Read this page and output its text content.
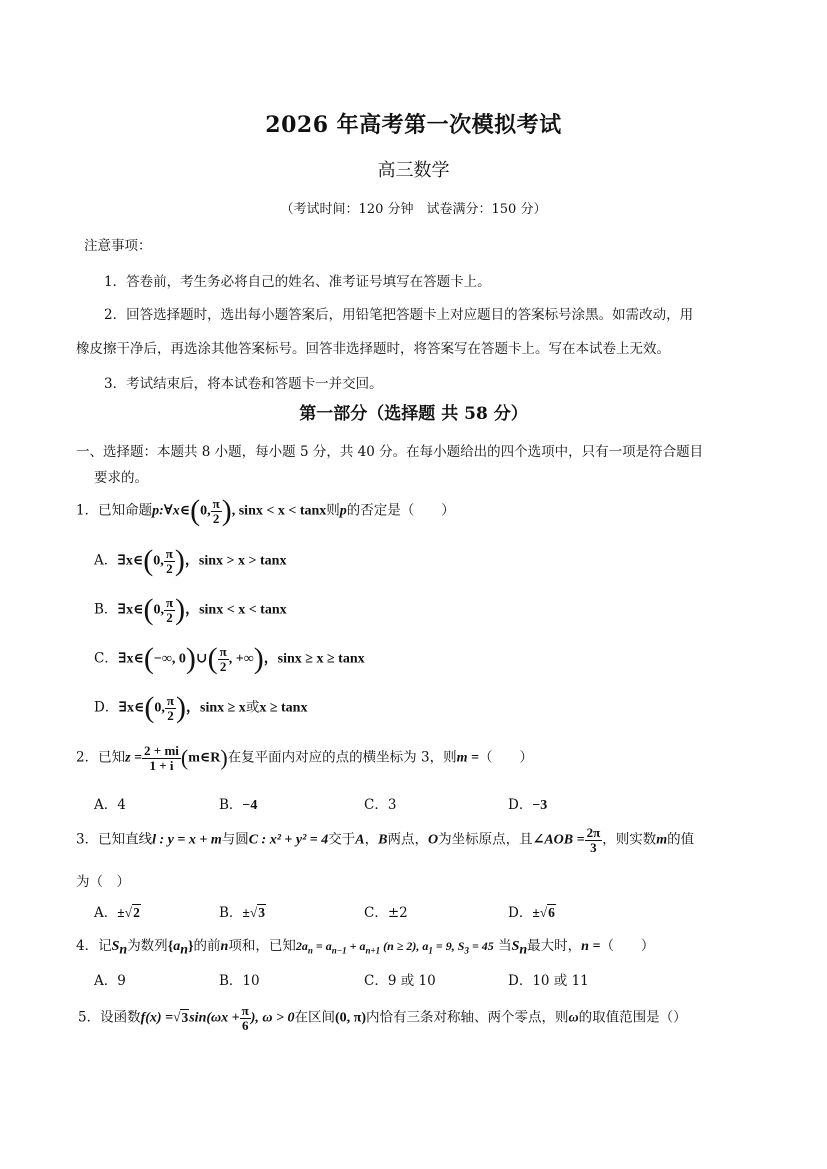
2026 年高考第一次模拟考试
高三数学
（考试时间：120 分钟　试卷满分：150 分）
注意事项：
1．答卷前，考生务必将自己的姓名、准考证号填写在答题卡上。
2．回答选择题时，选出每小题答案后，用铅笔把答题卡上对应题目的答案标号涂黑。如需改动，用
橡皮擦干净后，再选涂其他答案标号。回答非选择题时，将答案写在答题卡上。写在本试卷上无效。
3．考试结束后，将本试卷和答题卡一并交回。
第一部分（选择题 共 58 分）
一、选择题：本题共 8 小题，每小题 5 分，共 40 分。在每小题给出的四个选项中，只有一项是符合题目
要求的。
1．已知命题p:∀x∈(0, $\frac{\pi}{2}$ ), sinx < x < tanx则p的否定是（　　）
A．∃x∈(0, $\frac{\pi}{2}$ )，sinx > x > tanx
B．∃x∈(0, $\frac{\pi}{2}$ )，sinx < x < tanx
C．∃x∈(−∞, 0)∪( $\frac{\pi}{2}$ , +∞)，sinx ≥ x ≥ tanx
D．∃x∈(0, $\frac{\pi}{2}$ )，sinx ≥ x或x ≥ tanx
2．已知$z = \frac{2 + mi}{1 + i}$ (m∈R)在复平面内对应的点的横坐标为 3，则m =（　　）
A．4	B．−4	C．3	D．−3
3．已知直线l : y = x + m与圆C : x² + y² = 4交于A，B两点，O为坐标原点，且∠AOB = $\frac{2\pi}{3}$ ，则实数m的值
为（　）
A．±√2	B．±√3	C．±2	D．±√6
4．记$S_n$为数列$\{a_n\}$的前n项和，已知$2a_n = a_{n-1} + a_{n+1}$ (n ≥ 2), $a_1 = 9$, $S_3 = 45$ 当$S_n$最大时，n =（　　）
A．9	B．10	C．9 或 10	D．10 或 11
5．设函数$f(x) =√3\sin(\omega x + \frac{\pi}{6}$ ), ω > 0在区间(0, π)内恰有三条对称轴、两个零点，则ω的取值范围是（）
